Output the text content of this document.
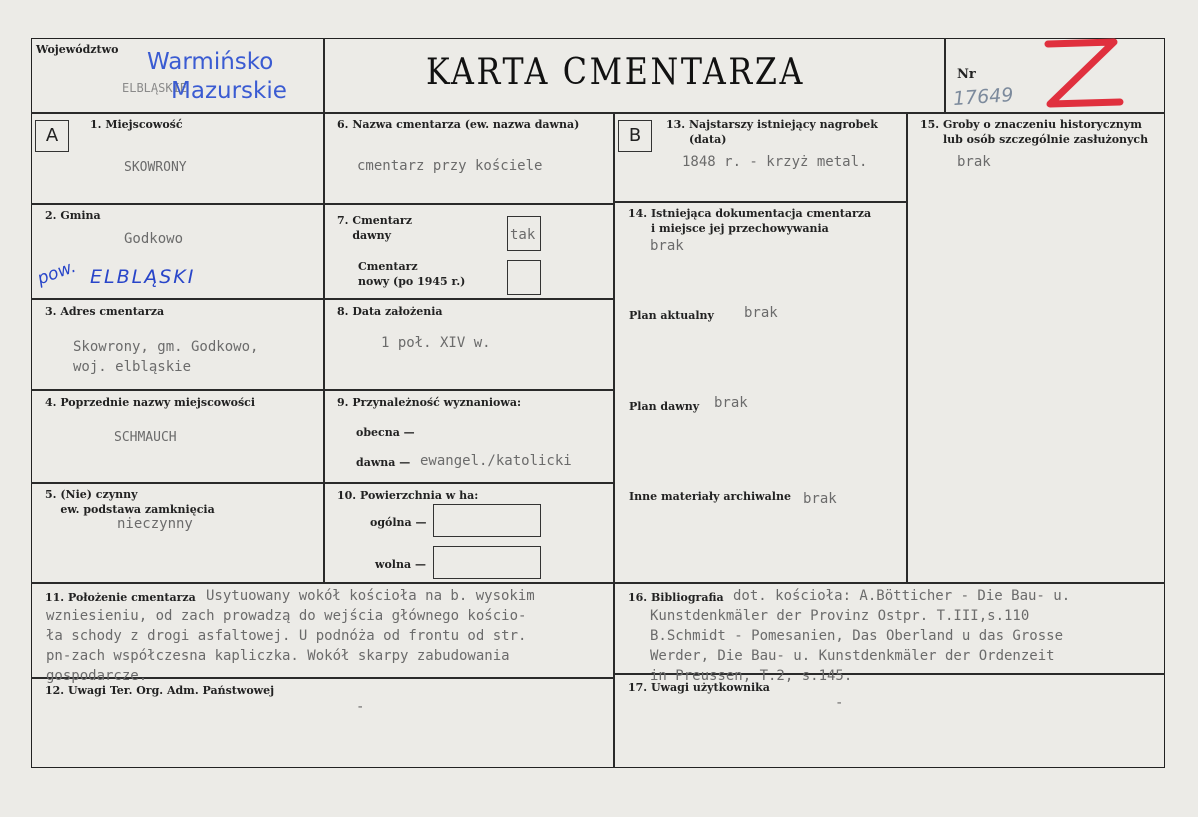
Województwo
ELBLĄSKIE
Warmińsko
Mazurskie	KARTA CMENTARZA	Nr
17649
A
1. Miejscowość
SKOWRONY
2. Gmina
Godkowo
pow. ELBLĄSKI
3. Adres cmentarza
Skowrony, gm. Godkowo,
woj. elbląskie
4. Poprzednie nazwy miejscowości
SCHMAUCH
5. (Nie) czynny
ew. podstawa zamknięcia
nieczynny
6. Nazwa cmentarza (ew. nazwa dawna)
cmentarz przy kościele
7. Cmentarz
dawny	tak
Cmentarz
nowy (po 1945 r.)
8. Data założenia
1 poł. XIV w.
9. Przynależność wyznaniowa:
obecna —
dawna — ewangel./katolicki
10. Powierzchnia w ha:
ogólna —
wolna —
B
13. Najstarszy istniejący nagrobek
(data)
1848 r. - krzyż metal.
14. Istniejąca dokumentacja cmentarza
i miejsce jej przechowywania
brak
Plan aktualny brak
Plan dawny brak
Inne materiały archiwalne brak
15. Groby o znaczeniu historycznym
lub osób szczególnie zasłużonych
brak
11. Położenie cmentarza Usytuowany wokół kościoła na b. wysokim
wzniesieniu, od zach prowadzą do wejścia głównego kościo-
ła schody z drogi asfaltowej. U podnóża od frontu od str.
pn-zach współczesna kapliczka. Wokół skarpy zabudowania
gospodarcze.
16. Bibliografia dot. kościoła: A.Bötticher - Die Bau- u.
Kunstdenkmäler der Provinz Ostpr. T.III,s.110
B.Schmidt - Pomesanien, Das Oberland u das Grosse
Werder, Die Bau- u. Kunstdenkmäler der Ordenzeit
in Preussen, T.2, s.145.
12. Uwagi Ter. Org. Adm. Państwowej
-
17. Uwagi użytkownika
-
